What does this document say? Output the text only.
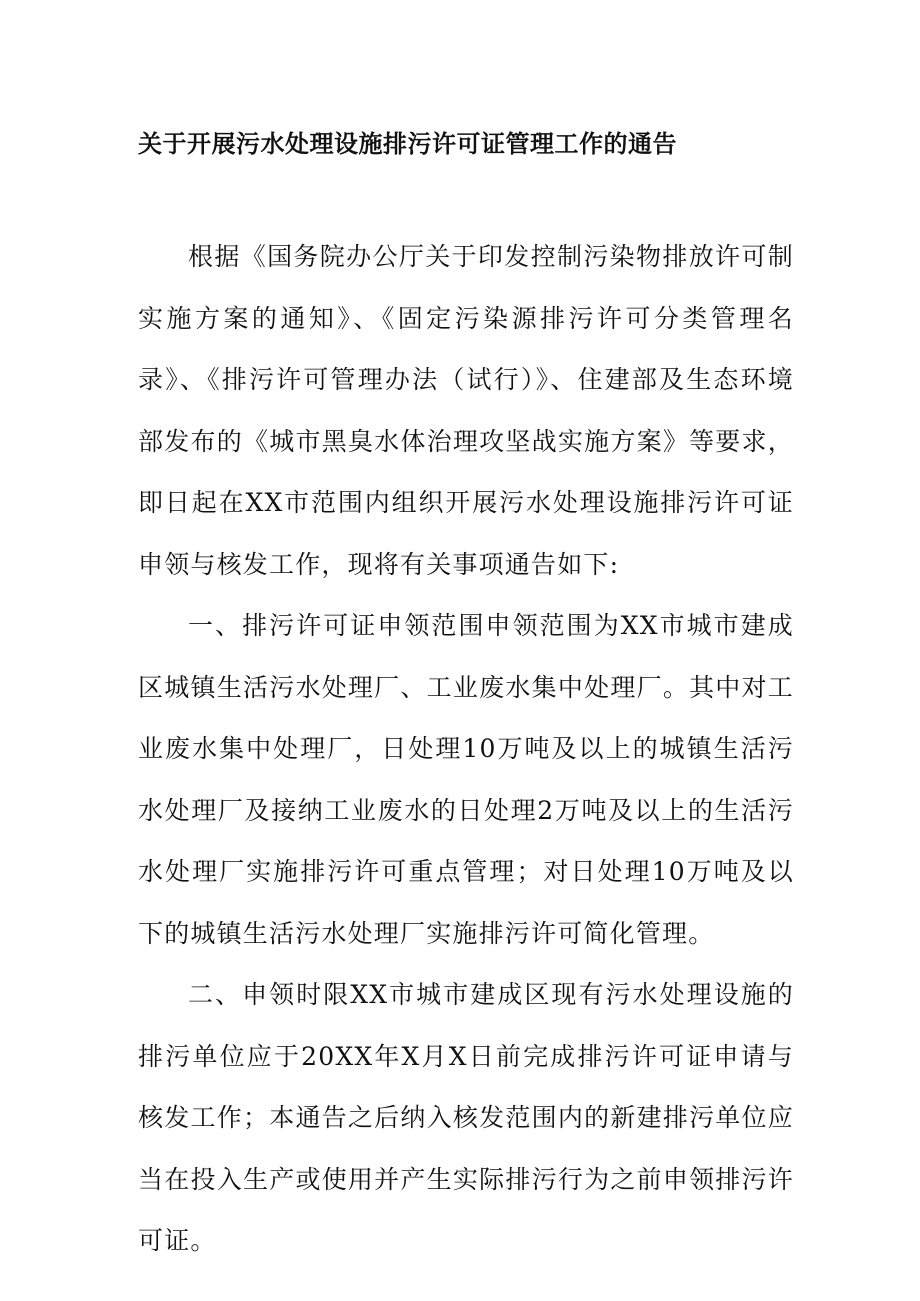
关于开展污水处理设施排污许可证管理工作的通告

根据《国务院办公厅关于印发控制污染物排放许可制实施方案的通知》、《固定污染源排污许可分类管理名录》、《排污许可管理办法（试行）》、住建部及生态环境部发布的《城市黑臭水体治理攻坚战实施方案》等要求，即日起在XX市范围内组织开展污水处理设施排污许可证申领与核发工作，现将有关事项通告如下:

一、排污许可证申领范围申领范围为XX市城市建成区城镇生活污水处理厂、工业废水集中处理厂。其中对工业废水集中处理厂，日处理10万吨及以上的城镇生活污水处理厂及接纳工业废水的日处理2万吨及以上的生活污水处理厂实施排污许可重点管理；对日处理10万吨及以下的城镇生活污水处理厂实施排污许可简化管理。

二、申领时限XX市城市建成区现有污水处理设施的排污单位应于20XX年X月X日前完成排污许可证申请与核发工作；本通告之后纳入核发范围内的新建排污单位应当在投入生产或使用并产生实际排污行为之前申领排污许可证。
